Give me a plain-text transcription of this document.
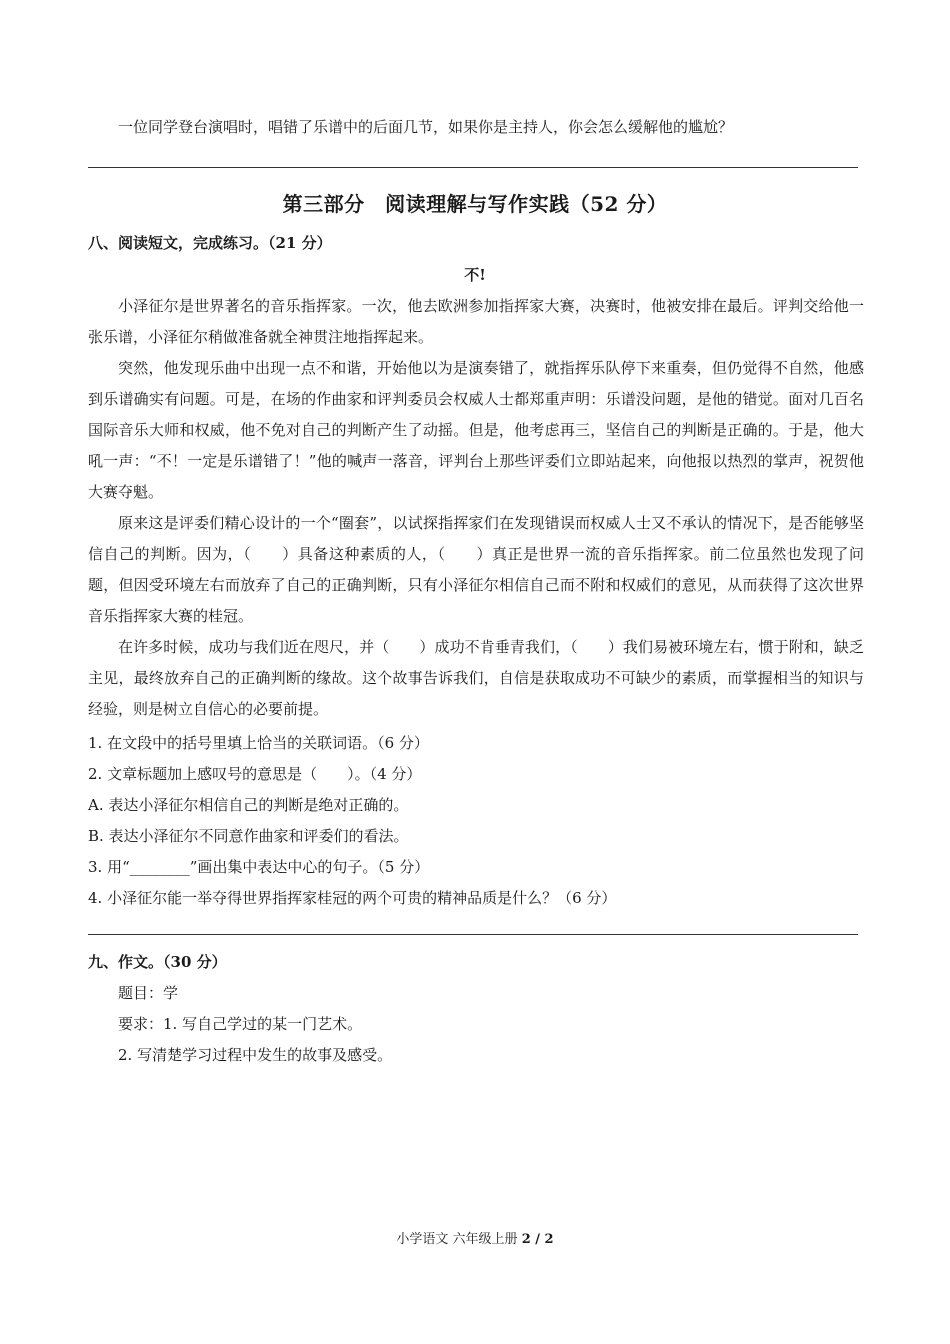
一位同学登台演唱时，唱错了乐谱中的后面几节，如果你是主持人，你会怎么缓解他的尴尬？
第三部分　阅读理解与写作实践（52 分）
八、阅读短文，完成练习。（21 分）
不!
小泽征尔是世界著名的音乐指挥家。一次，他去欧洲参加指挥家大赛，决赛时，他被安排在最后。评判交给他一张乐谱，小泽征尔稍做准备就全神贯注地指挥起来。
突然，他发现乐曲中出现一点不和谐，开始他以为是演奏错了，就指挥乐队停下来重奏，但仍觉得不自然，他感到乐谱确实有问题。可是，在场的作曲家和评判委员会权威人士都郑重声明：乐谱没问题，是他的错觉。面对几百名国际音乐大师和权威，他不免对自己的判断产生了动摇。但是，他考虑再三，坚信自己的判断是正确的。于是，他大吼一声：“不！一定是乐谱错了！”他的喊声一落音，评判台上那些评委们立即站起来，向他报以热烈的掌声，祝贺他大赛夺魁。
原来这是评委们精心设计的一个“圈套”，以试探指挥家们在发现错误而权威人士又不承认的情况下，是否能够坚信自己的判断。因为，（　　）具备这种素质的人，（　　）真正是世界一流的音乐指挥家。前二位虽然也发现了问题，但因受环境左右而放弃了自己的正确判断，只有小泽征尔相信自己而不附和权威们的意见，从而获得了这次世界音乐指挥家大赛的桂冠。
在许多时候，成功与我们近在咫尺，并（　　）成功不肯垂青我们，（　　）我们易被环境左右，惯于附和，缺乏主见，最终放弃自己的正确判断的缘故。这个故事告诉我们，自信是获取成功不可缺少的素质，而掌握相当的知识与经验，则是树立自信心的必要前提。
1. 在文段中的括号里填上恰当的关联词语。（6 分）
2. 文章标题加上感叹号的意思是（　　）。（4 分）
A. 表达小泽征尔相信自己的判断是绝对正确的。
B. 表达小泽征尔不同意作曲家和评委们的看法。
3. 用“________”画出集中表达中心的句子。（5 分）
4. 小泽征尔能一举夺得世界指挥家桂冠的两个可贵的精神品质是什么？（6 分）
九、作文。（30 分）
题目：学
要求：1. 写自己学过的某一门艺术。
2. 写清楚学习过程中发生的故事及感受。
小学语文 六年级上册 2 / 2
